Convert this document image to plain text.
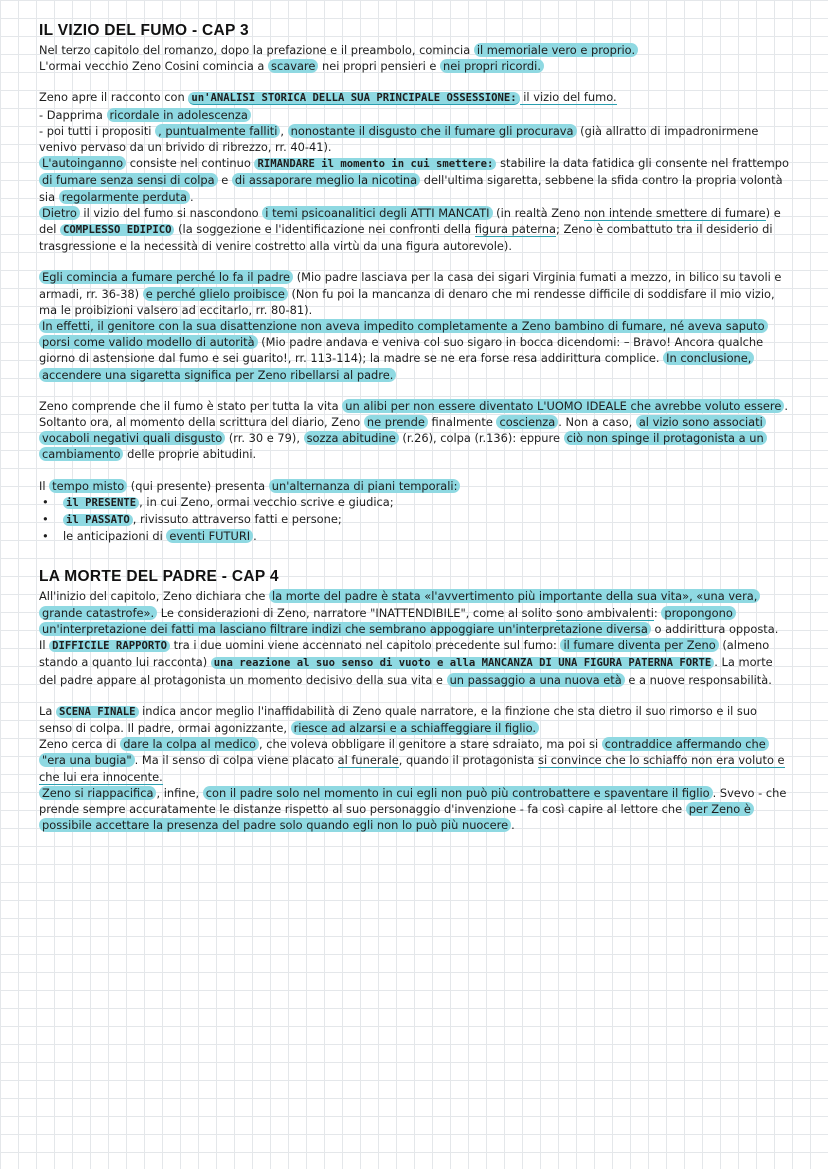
IL VIZIO DEL FUMO - CAP 3

Nel terzo capitolo del romanzo, dopo la prefazione e il preambolo, comincia il memoriale vero e proprio.
L'ormai vecchio Zeno Cosini comincia a scavare nei propri pensieri e nei propri ricordi.

Zeno apre il racconto con un'ANALISI STORICA DELLA SUA PRINCIPALE OSSESSIONE: il vizio del fumo.
- Dapprima ricordale in adolescenza
- poi tutti i propositi , puntualmente falliti , nonostante il disgusto che il fumare gli procurava (già allratto di impadronirmene venivo pervaso da un brivido di ribrezzo, rr. 40-41).
L'autoinganno consiste nel continuo RIMANDARE il momento in cui smettere: stabilire la data fatidica gli consente nel frattempo di fumare senza sensi di colpa e di assaporare meglio la nicotina dell'ultima sigaretta, sebbene la sfida contro la propria volontà sia regolarmente perduta .
Dietro il vizio del fumo si nascondono i temi psicoanalitici degli ATTI MANCATI (in realtà Zeno non intende smettere di fumare) e del COMPLESSO EDIPICO (la soggezione e l'identificazione nei confronti della figura paterna; Zeno è combattuto tra il desiderio di trasgressione e la necessità di venire costretto alla virtù da una figura autorevole).

Egli comincia a fumare perché lo fa il padre (Mio padre lasciava per la casa dei sigari Virginia fumati a mezzo, in bilico su tavoli e armadi, rr. 36-38) e perché glielo proibisce (Non fu poi la mancanza di denaro che mi rendesse difficile di soddisfare il mio vizio, ma le proibizioni valsero ad eccitarlo, rr. 80-81).
In effetti, il genitore con la sua disattenzione non aveva impedito completamente a Zeno bambino di fumare, né aveva saputo porsi come valido modello di autorità (Mio padre andava e veniva col suo sigaro in bocca dicendomi: – Bravo! Ancora qualche giorno di astensione dal fumo e sei guarito!, rr. 113-114); la madre se ne era forse resa addirittura complice. In conclusione, accendere una sigaretta significa per Zeno ribellarsi al padre.

Zeno comprende che il fumo è stato per tutta la vita un alibi per non essere diventato L'UOMO IDEALE che avrebbe voluto essere . Soltanto ora, al momento della scrittura del diario, Zeno ne prende finalmente coscienza . Non a caso, al vizio sono associati vocaboli negativi quali disgusto (rr. 30 e 79), sozza abitudine (r.26), colpa (r.136): eppure ciò non spinge il protagonista a un cambiamento delle proprie abitudini.

Il tempo misto (qui presente) presenta un'alternanza di piani temporali:

• il PRESENTE , in cui Zeno, ormai vecchio scrive e giudica;
• il PASSATO , rivissuto attraverso fatti e persone;
• le anticipazioni di eventi FUTURI .
LA MORTE DEL PADRE - CAP 4

All'inizio del capitolo, Zeno dichiara che la morte del padre è stata «l'avvertimento più importante della sua vita», «una vera, grande catastrofe». Le considerazioni di Zeno, narratore "INATTENDIBILE", come al solito sono ambivalenti: propongono un'interpretazione dei fatti ma lasciano filtrare indizi che sembrano appoggiare un'interpretazione diversa o addirittura opposta.
Il DIFFICILE RAPPORTO tra i due uomini viene accennato nel capitolo precedente sul fumo: il fumare diventa per Zeno (almeno stando a quanto lui racconta) una reazione al suo senso di vuoto e alla MANCANZA DI UNA FIGURA PATERNA FORTE . La morte del padre appare al protagonista un momento decisivo della sua vita e un passaggio a una nuova età e a nuove responsabilità.

La SCENA FINALE indica ancor meglio l'inaffidabilità di Zeno quale narratore, e la finzione che sta dietro il suo rimorso e il suo senso di colpa. Il padre, ormai agonizzante, riesce ad alzarsi e a schiaffeggiare il figlio.
Zeno cerca di dare la colpa al medico , che voleva obbligare il genitore a stare sdraiato, ma poi si contraddice affermando che "era una bugia" . Ma il senso di colpa viene placato al funerale, quando il protagonista si convince che lo schiaffo non era voluto e che lui era innocente.
Zeno si riappacifica , infine, con il padre solo nel momento in cui egli non può più controbattere e spaventare il figlio . Svevo - che prende sempre accuratamente le distanze rispetto al suo personaggio d'invenzione - fa così capire al lettore che per Zeno è possibile accettare la presenza del padre solo quando egli non lo può più nuocere .
